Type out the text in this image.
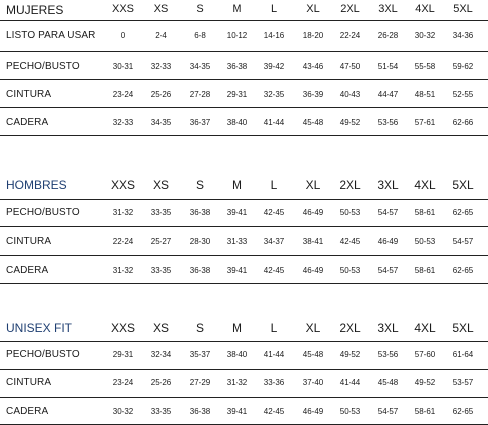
MUJERES	XXS XS	S	M	L	XL 2XL 3XL 4XL 5XL
LISTO PARA USAR	0	2-4	6-8	10-12 14-16 18-20 22-24 26-28 30-32 34-36
PECHO/BUSTO	30-31 32-33 34-35 36-38 39-42 43-46 47-50 51-54 55-58 59-62
CINTURA	23-24 25-26 27-28 29-31 32-35 36-39 40-43 44-47 48-51 52-55
CADERA	32-33 34-35 36-37 38-40 41-44 45-48 49-52 53-56 57-61 62-66
HOMBRES	XXS XS S M L XL 2XL 3XL 4XL 5XL
PECHO/BUSTO	31-32 33-35 36-38 39-41 42-45 46-49 50-53 54-57 58-61 62-65
CINTURA	22-24 25-27 28-30 31-33 34-37 38-41 42-45 46-49 50-53 54-57
CADERA	31-32 33-35 36-38 39-41 42-45 46-49 50-53 54-57 58-61 62-65
UNISEX FIT	XXS XS S M L XL 2XL 3XL 4XL 5XL
PECHO/BUSTO	29-31 32-34 35-37 38-40 41-44 45-48 49-52 53-56 57-60 61-64
CINTURA	23-24 25-26 27-29 31-32 33-36 37-40 41-44 45-48 49-52 53-57
CADERA	30-32 33-35 36-38 39-41 42-45 46-49 50-53 54-57 58-61 62-65
